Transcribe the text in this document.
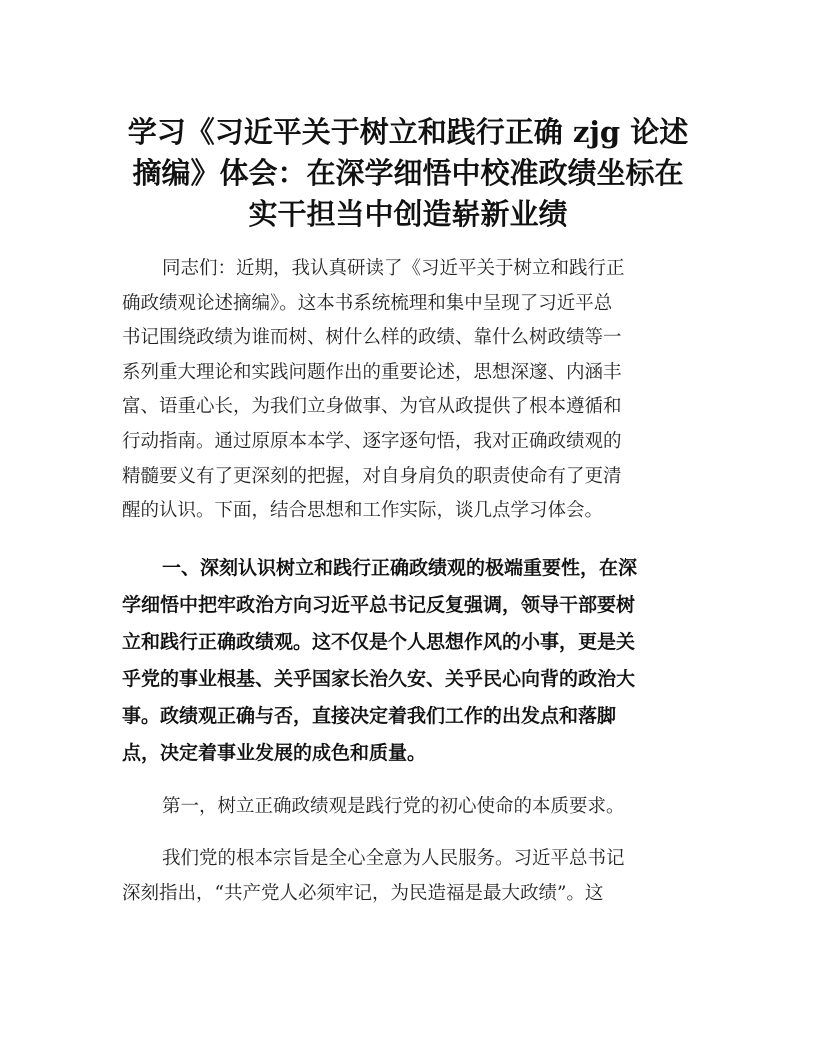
学习《习近平关于树立和践行正确 zjg 论述
摘编》体会：在深学细悟中校准政绩坐标在
实干担当中创造崭新业绩

同志们：近期，我认真研读了《习近平关于树立和践行正
确政绩观论述摘编》。这本书系统梳理和集中呈现了习近平总
书记围绕政绩为谁而树、树什么样的政绩、靠什么树政绩等一
系列重大理论和实践问题作出的重要论述，思想深邃、内涵丰
富、语重心长，为我们立身做事、为官从政提供了根本遵循和
行动指南。通过原原本本学、逐字逐句悟，我对正确政绩观的
精髓要义有了更深刻的把握，对自身肩负的职责使命有了更清
醒的认识。下面，结合思想和工作实际，谈几点学习体会。

一、深刻认识树立和践行正确政绩观的极端重要性，在深
学细悟中把牢政治方向习近平总书记反复强调，领导干部要树
立和践行正确政绩观。这不仅是个人思想作风的小事，更是关
乎党的事业根基、关乎国家长治久安、关乎民心向背的政治大
事。政绩观正确与否，直接决定着我们工作的出发点和落脚
点，决定着事业发展的成色和质量。

第一，树立正确政绩观是践行党的初心使命的本质要求。

我们党的根本宗旨是全心全意为人民服务。习近平总书记
深刻指出，“共产党人必须牢记，为民造福是最大政绩”。这
